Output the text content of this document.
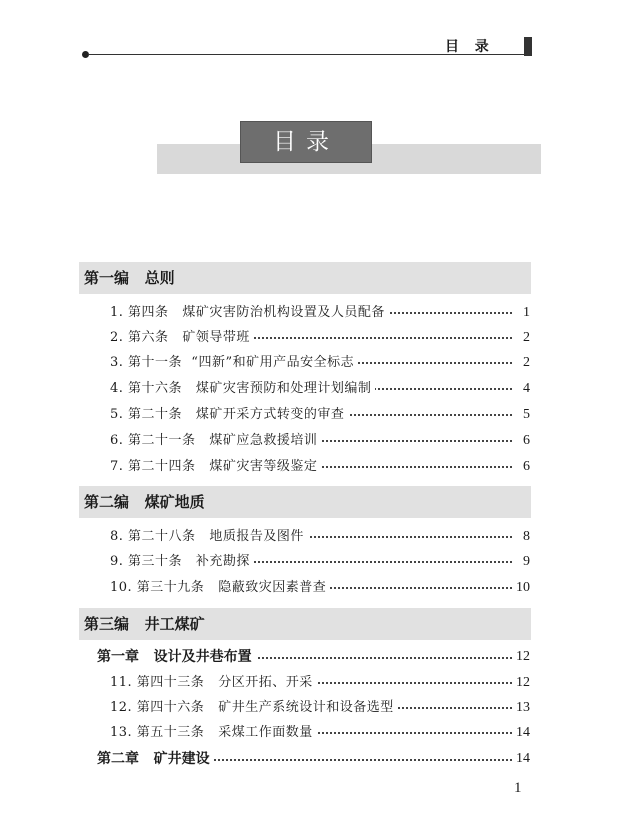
目  录
目录
第一编   总则
1. 第四条   煤矿灾害防治机构设置及人员配备	1
2. 第六条   矿领导带班	2
3. 第十一条  “四新”和矿用产品安全标志	2
4. 第十六条   煤矿灾害预防和处理计划编制	4
5. 第二十条   煤矿开采方式转变的审查	5
6. 第二十一条   煤矿应急救援培训	6
7. 第二十四条   煤矿灾害等级鉴定	6
第二编   煤矿地质
8. 第二十八条   地质报告及图件	8
9. 第三十条   补充勘探	9
10. 第三十九条   隐蔽致灾因素普查	10
第三编   井工煤矿
第一章   设计及井巷布置	12
11. 第四十三条   分区开拓、开采	12
12. 第四十六条   矿井生产系统设计和设备选型	13
13. 第五十三条   采煤工作面数量	14
第二章   矿井建设	14
1
